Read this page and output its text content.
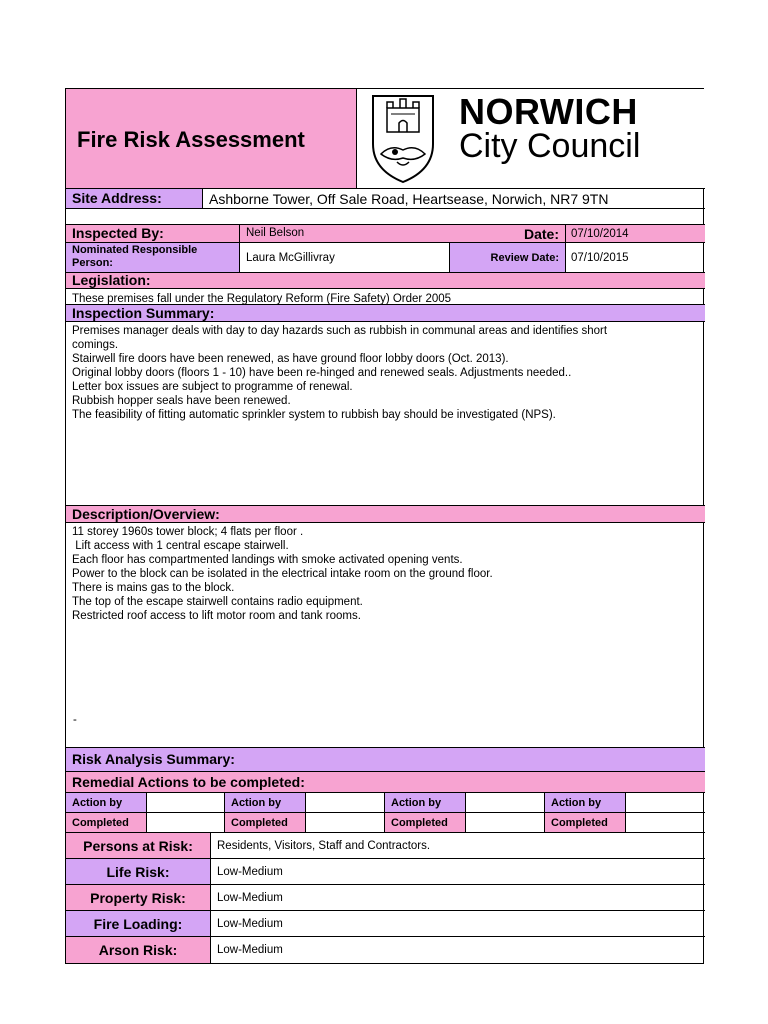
Fire Risk Assessment
NORWICH
City Council
Site Address:	Ashborne Tower, Off Sale Road, Heartsease, Norwich, NR7 9TN
Inspected By:	Neil Belson	Date: 07/10/2014
Nominated Responsible Person:	Laura McGillivray	Review Date: 07/10/2015
Legislation:
These premises fall under the Regulatory Reform (Fire Safety) Order 2005
Inspection Summary:
Premises manager deals with day to day hazards such as rubbish in communal areas and identifies short
comings.
Stairwell fire doors have been renewed, as have ground floor lobby doors (Oct. 2013).
Original lobby doors (floors 1 - 10) have been re-hinged and renewed seals. Adjustments needed..
Letter box issues are subject to programme of renewal.
Rubbish hopper seals have been renewed.
The feasibility of fitting automatic sprinkler system to rubbish bay should be investigated (NPS).
Description/Overview:
11 storey 1960s tower block; 4 flats per floor .
Lift access with 1 central escape stairwell.
Each floor has compartmented landings with smoke activated opening vents.
Power to the block can be isolated in the electrical intake room on the ground floor.
There is mains gas to the block.
The top of the escape stairwell contains radio equipment.
Restricted roof access to lift motor room and tank rooms.
-
Risk Analysis Summary:
Remedial Actions to be completed:
Action by	Action by	Action by	Action by
Completed	Completed	Completed	Completed
Persons at Risk: Residents, Visitors, Staff and Contractors.
Life Risk:	Low-Medium
Property Risk:	Low-Medium
Fire Loading:	Low-Medium
Arson Risk:	Low-Medium
